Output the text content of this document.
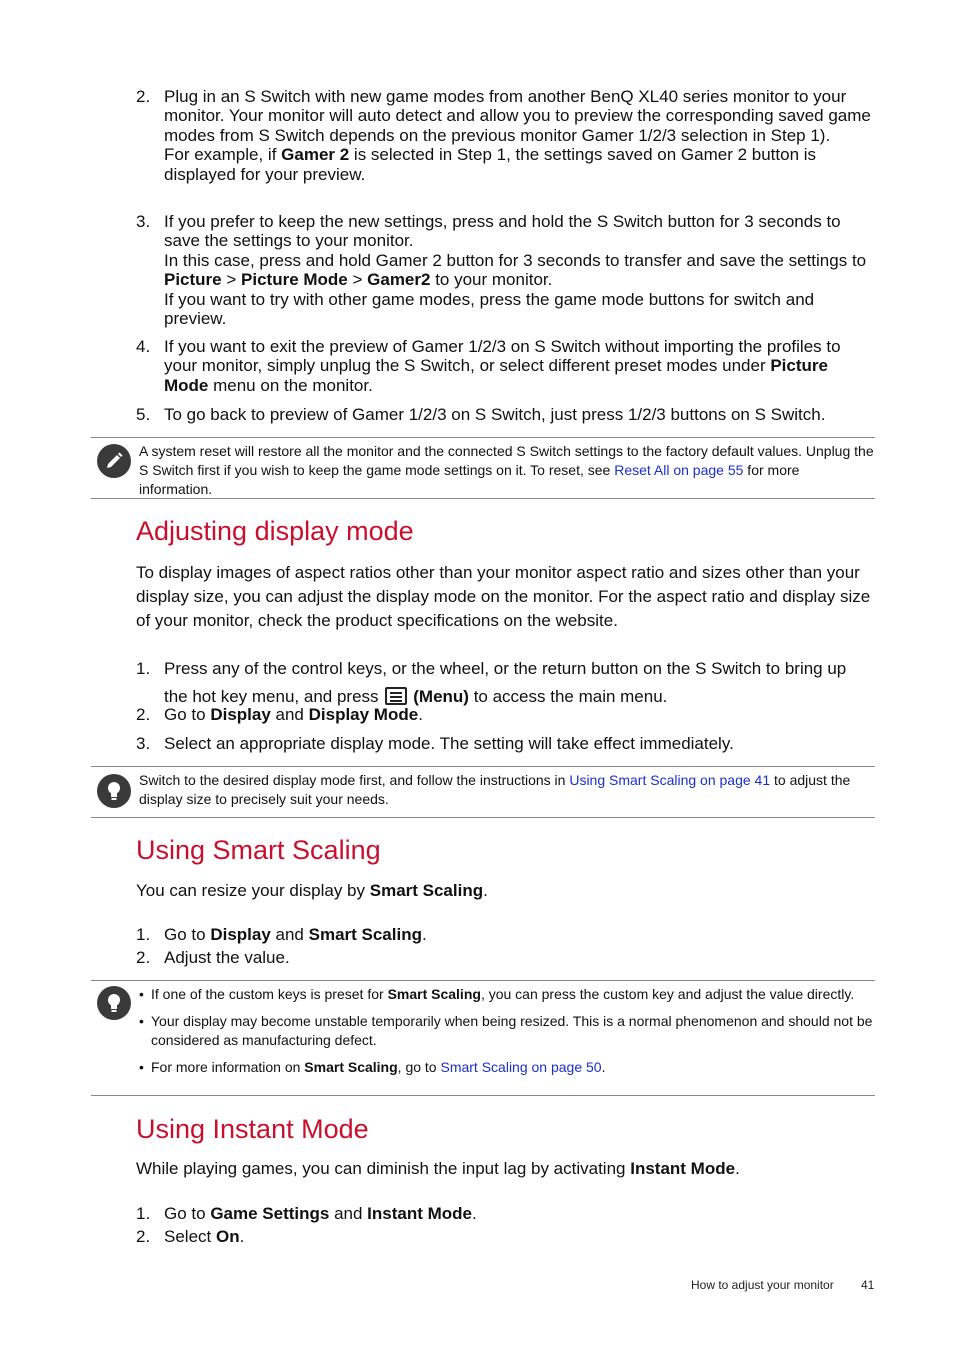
2. Plug in an S Switch with new game modes from another BenQ XL40 series monitor to your monitor. Your monitor will auto detect and allow you to preview the corresponding saved game modes from S Switch depends on the previous monitor Gamer 1/2/3 selection in Step 1).
For example, if Gamer 2 is selected in Step 1, the settings saved on Gamer 2 button is displayed for your preview.
3. If you prefer to keep the new settings, press and hold the S Switch button for 3 seconds to save the settings to your monitor.
In this case, press and hold Gamer 2 button for 3 seconds to transfer and save the settings to Picture > Picture Mode > Gamer2 to your monitor.
If you want to try with other game modes, press the game mode buttons for switch and preview.
4. If you want to exit the preview of Gamer 1/2/3 on S Switch without importing the profiles to your monitor, simply unplug the S Switch, or select different preset modes under Picture Mode menu on the monitor.
5. To go back to preview of Gamer 1/2/3 on S Switch, just press 1/2/3 buttons on S Switch.
A system reset will restore all the monitor and the connected S Switch settings to the factory default values. Unplug the S Switch first if you wish to keep the game mode settings on it. To reset, see Reset All on page 55 for more information.
Adjusting display mode
To display images of aspect ratios other than your monitor aspect ratio and sizes other than your display size, you can adjust the display mode on the monitor. For the aspect ratio and display size of your monitor, check the product specifications on the website.
1. Press any of the control keys, or the wheel, or the return button on the S Switch to bring up the hot key menu, and press (Menu) to access the main menu.
2. Go to Display and Display Mode.
3. Select an appropriate display mode. The setting will take effect immediately.
Switch to the desired display mode first, and follow the instructions in Using Smart Scaling on page 41 to adjust the display size to precisely suit your needs.
Using Smart Scaling
You can resize your display by Smart Scaling.
1. Go to Display and Smart Scaling.
2. Adjust the value.
• If one of the custom keys is preset for Smart Scaling, you can press the custom key and adjust the value directly.
• Your display may become unstable temporarily when being resized. This is a normal phenomenon and should not be considered as manufacturing defect.
• For more information on Smart Scaling, go to Smart Scaling on page 50.
Using Instant Mode
While playing games, you can diminish the input lag by activating Instant Mode.
1. Go to Game Settings and Instant Mode.
2. Select On.
How to adjust your monitor 41
